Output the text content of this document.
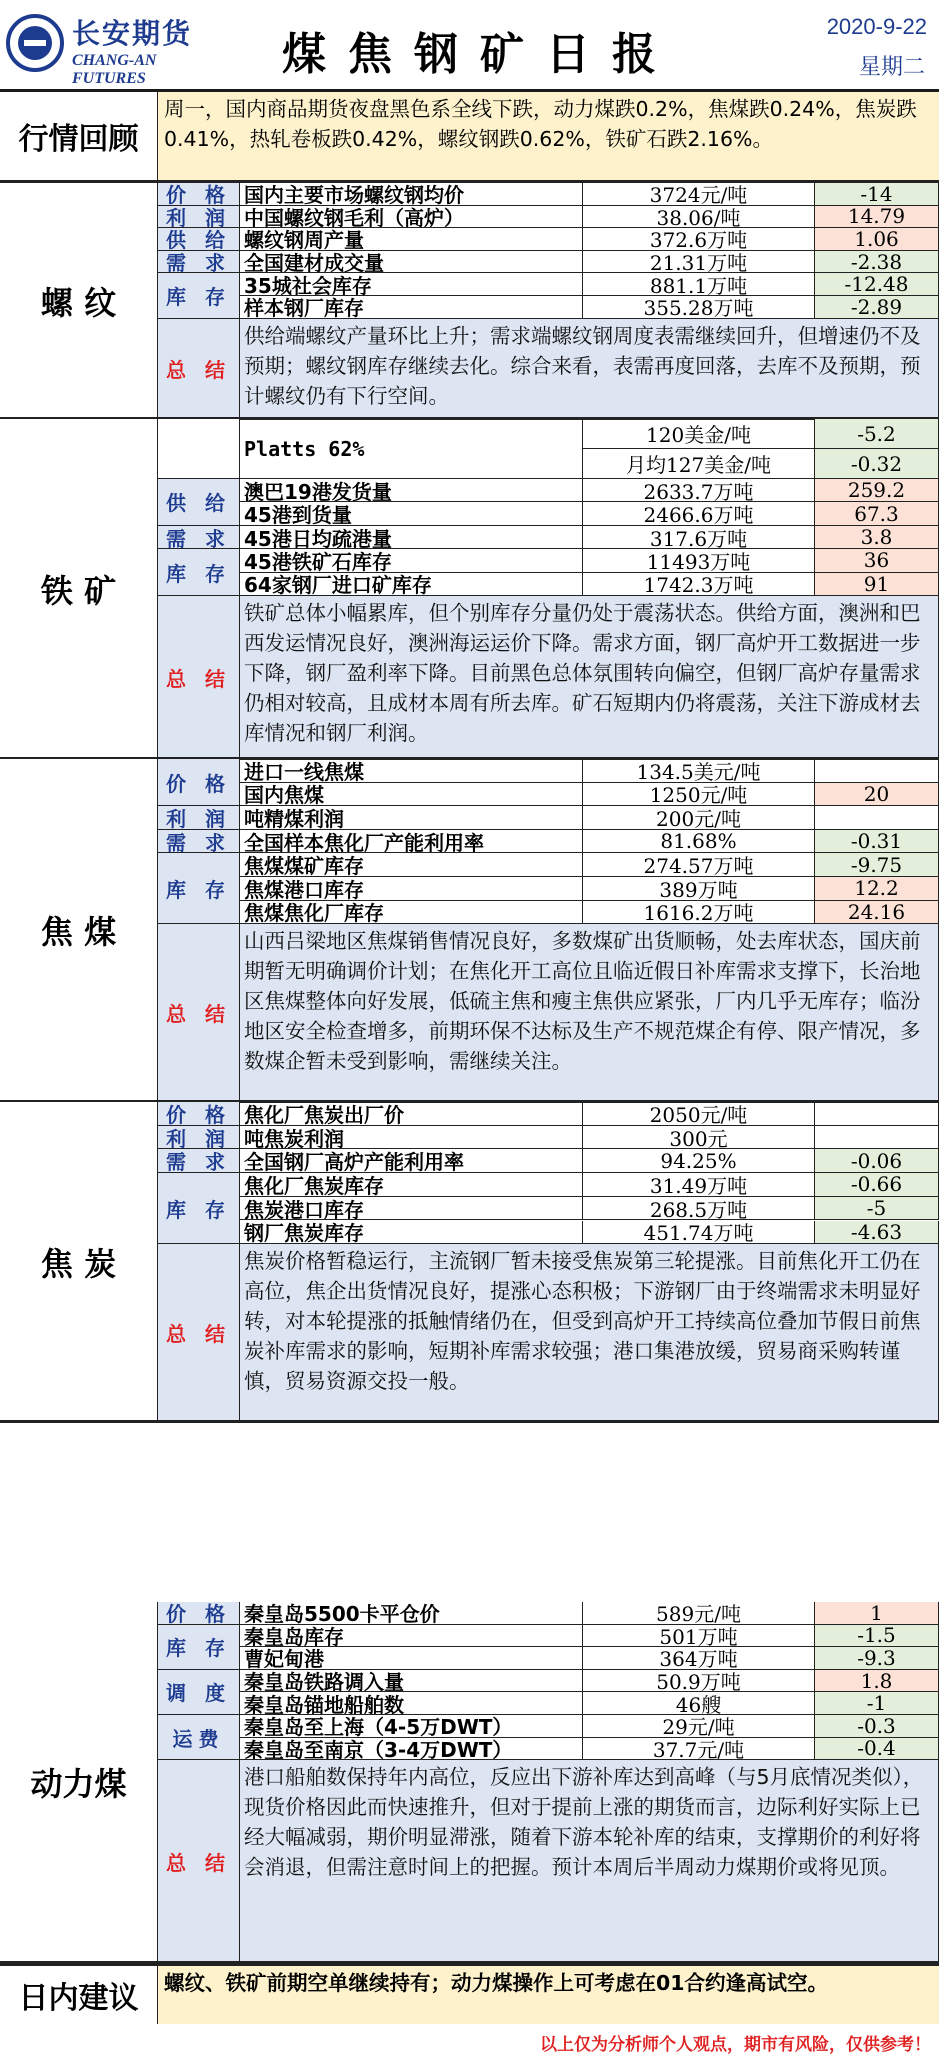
长安期货
CHANG-AN FUTURES	煤焦钢矿日报
2020-9-22
星期二
行情回顾
周一，国内商品期货夜盘黑色系全线下跌，动力煤跌0.2%，焦煤跌0.24%，焦炭跌0.41%，热轧卷板跌0.42%，螺纹钢跌0.62%，铁矿石跌2.16%。
螺 纹
价 格
利 润
供 给
需 求
库 存
国内主要市场螺纹钢均价	3724元/吨	-14
中国螺纹钢毛利（高炉）	38.06/吨	14.79
螺纹钢周产量	372.6万吨	1.06
全国建材成交量	21.31万吨	-2.38
35城社会库存	881.1万吨	-12.48
样本钢厂库存	355.28万吨	-2.89
总 结
供给端螺纹产量环比上升；需求端螺纹钢周度表需继续回升，但增速仍不及预期；螺纹钢库存继续去化。综合来看，表需再度回落，去库不及预期，预计螺纹仍有下行空间。
铁 矿
Platts 62%
120美金/吨	-5.2
月均127美金/吨	-0.32
供 给
需 求
库 存
澳巴19港发货量	2633.7万吨	259.2
45港到货量	2466.6万吨	67.3
45港日均疏港量	317.6万吨	3.8
45港铁矿石库存	11493万吨	36
64家钢厂进口矿库存	1742.3万吨	91
总 结
铁矿总体小幅累库，但个别库存分量仍处于震荡状态。供给方面，澳洲和巴西发运情况良好，澳洲海运运价下降。需求方面，钢厂高炉开工数据进一步下降，钢厂盈利率下降。目前黑色总体氛围转向偏空，但钢厂高炉存量需求仍相对较高，且成材本周有所去库。矿石短期内仍将震荡，关注下游成材去库情况和钢厂利润。
焦 煤
价 格
利 润
需 求
库 存
进口一线焦煤	134.5美元/吨
国内焦煤	1250元/吨	20
吨精煤利润	200元/吨
全国样本焦化厂产能利用率	81.68%	-0.31
焦煤煤矿库存	274.57万吨	-9.75
焦煤港口库存	389万吨	12.2
焦煤焦化厂库存	1616.2万吨	24.16
总 结
山西吕梁地区焦煤销售情况良好，多数煤矿出货顺畅，处去库状态，国庆前期暂无明确调价计划；在焦化开工高位且临近假日补库需求支撑下，长治地区焦煤整体向好发展，低硫主焦和瘦主焦供应紧张，厂内几乎无库存；临汾地区安全检查增多，前期环保不达标及生产不规范煤企有停、限产情况，多数煤企暂未受到影响，需继续关注。
焦 炭
价 格
利 润
需 求
库 存
焦化厂焦炭出厂价	2050元/吨
吨焦炭利润	300元
全国钢厂高炉产能利用率	94.25%	-0.06
焦化厂焦炭库存	31.49万吨	-0.66
焦炭港口库存	268.5万吨	-5
钢厂焦炭库存	451.74万吨	-4.63
总 结
焦炭价格暂稳运行，主流钢厂暂未接受焦炭第三轮提涨。目前焦化开工仍在高位，焦企出货情况良好，提涨心态积极；下游钢厂由于终端需求未明显好转，对本轮提涨的抵触情绪仍在，但受到高炉开工持续高位叠加节假日前焦炭补库需求的影响，短期补库需求较强；港口集港放缓，贸易商采购转谨慎，贸易资源交投一般。
动力煤
价 格
库 存
调 度
运费
秦皇岛5500卡平仓价	589元/吨	1
秦皇岛库存	501万吨	-1.5
曹妃甸港	364万吨	-9.3
秦皇岛铁路调入量	50.9万吨	1.8
秦皇岛锚地船舶数	46艘	-1
秦皇岛至上海（4-5万DWT）	29元/吨	-0.3
秦皇岛至南京（3-4万DWT）	37.7元/吨	-0.4
总 结
港口船舶数保持年内高位，反应出下游补库达到高峰（与5月底情况类似），现货价格因此而快速推升，但对于提前上涨的期货而言，边际利好实际上已经大幅减弱，期价明显滞涨，随着下游本轮补库的结束，支撑期价的利好将会消退，但需注意时间上的把握。预计本周后半周动力煤期价或将见顶。
日内建议	螺纹、铁矿前期空单继续持有；动力煤操作上可考虑在01合约逢高试空。
以上仅为分析师个人观点，期市有风险，仅供参考！
